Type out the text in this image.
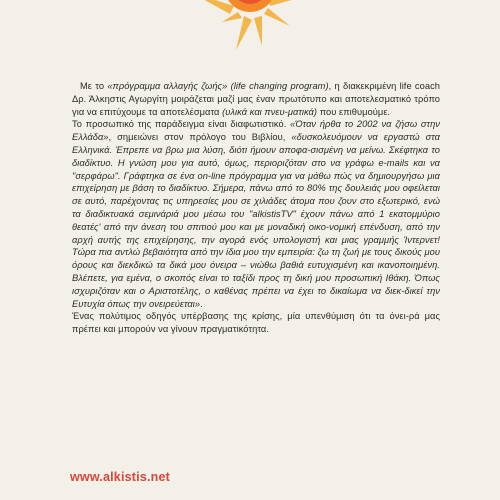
Με το «πρόγραμμα αλλαγής ζωής» (life changing program), η διακεκριμένη life coach Δρ. Άλκηστις Αγωργίτη μοιράζεται μαζί μας έναν πρωτότυπο και αποτελεσματικό τρόπο για να επιτύχουμε τα αποτελέσματα (υλικά και πνευ-ματικά) που επιθυμούμε.

Το προσωπικό της παράδειγμα είναι διαφωτιστικό. «Όταν ήρθα το 2002 να ζήσω στην Ελλάδα», σημειώνει στον πρόλογο του Βιβλίου, «δυσκολευόμουν να εργαστώ στα Ελληνικά. Έπρεπε να βρω μια λύση, διότι ήμουν αποφα-σισμένη να μείνω. Σκέφτηκα το διαδίκτυο. Η γνώση μου για αυτό, όμως, περιοριζόταν στο να γράφω e-mails και να "σερφάρω". Γράφτηκα σε ένα on-line πρόγραμμα για να μάθω πώς να δημιουργήσω μια επιχείρηση με βάση το διαδίκτυο. Σήμερα, πάνω από το 80% της δουλειάς μου οφείλεται σε αυτό, παρέχοντας τις υπηρεσίες μου σε χιλιάδες άτομα που ζουν στο εξωτερικό, ενώ τα διαδικτυακά σεμινάριά μου μέσω του "alkistisTV" έχουν πάνω από 1 εκατομμύριο θεατές' από την άνεση του σπιτιού μου και με μοναδική οικο-νομική επένδυση, από την αρχή αυτής της επιχείρησης, την αγορά ενός υπολογιστή και μιας γραμμής Ίντερνετ! Τώρα πια αντλώ βεβαιότητα από την ίδια μου την εμπειρία: ζω τη ζωή με τους δικούς μου όρους και διεκδικώ τα δικά μου όνειρα – νιώθω βαθιά ευτυχισμένη και ικανοποιημένη. Βλέπετε, για εμένα, ο σκοπός είναι το ταξίδι προς τη δική μου προσωπική Ιθάκη. Όπως ισχυριζόταν και ο Αριστοτέλης, ο καθένας πρέπει να έχει το δικαίωμα να διεκ-δικεί την Ευτυχία όπως την ονειρεύεται».

Ένας πολύτιμος οδηγός υπέρβασης της κρίσης, μία υπενθύμιση ότι τα όνει-ρά μας πρέπει και μπορούν να γίνουν πραγματικότητα.

www.alkistis.net
